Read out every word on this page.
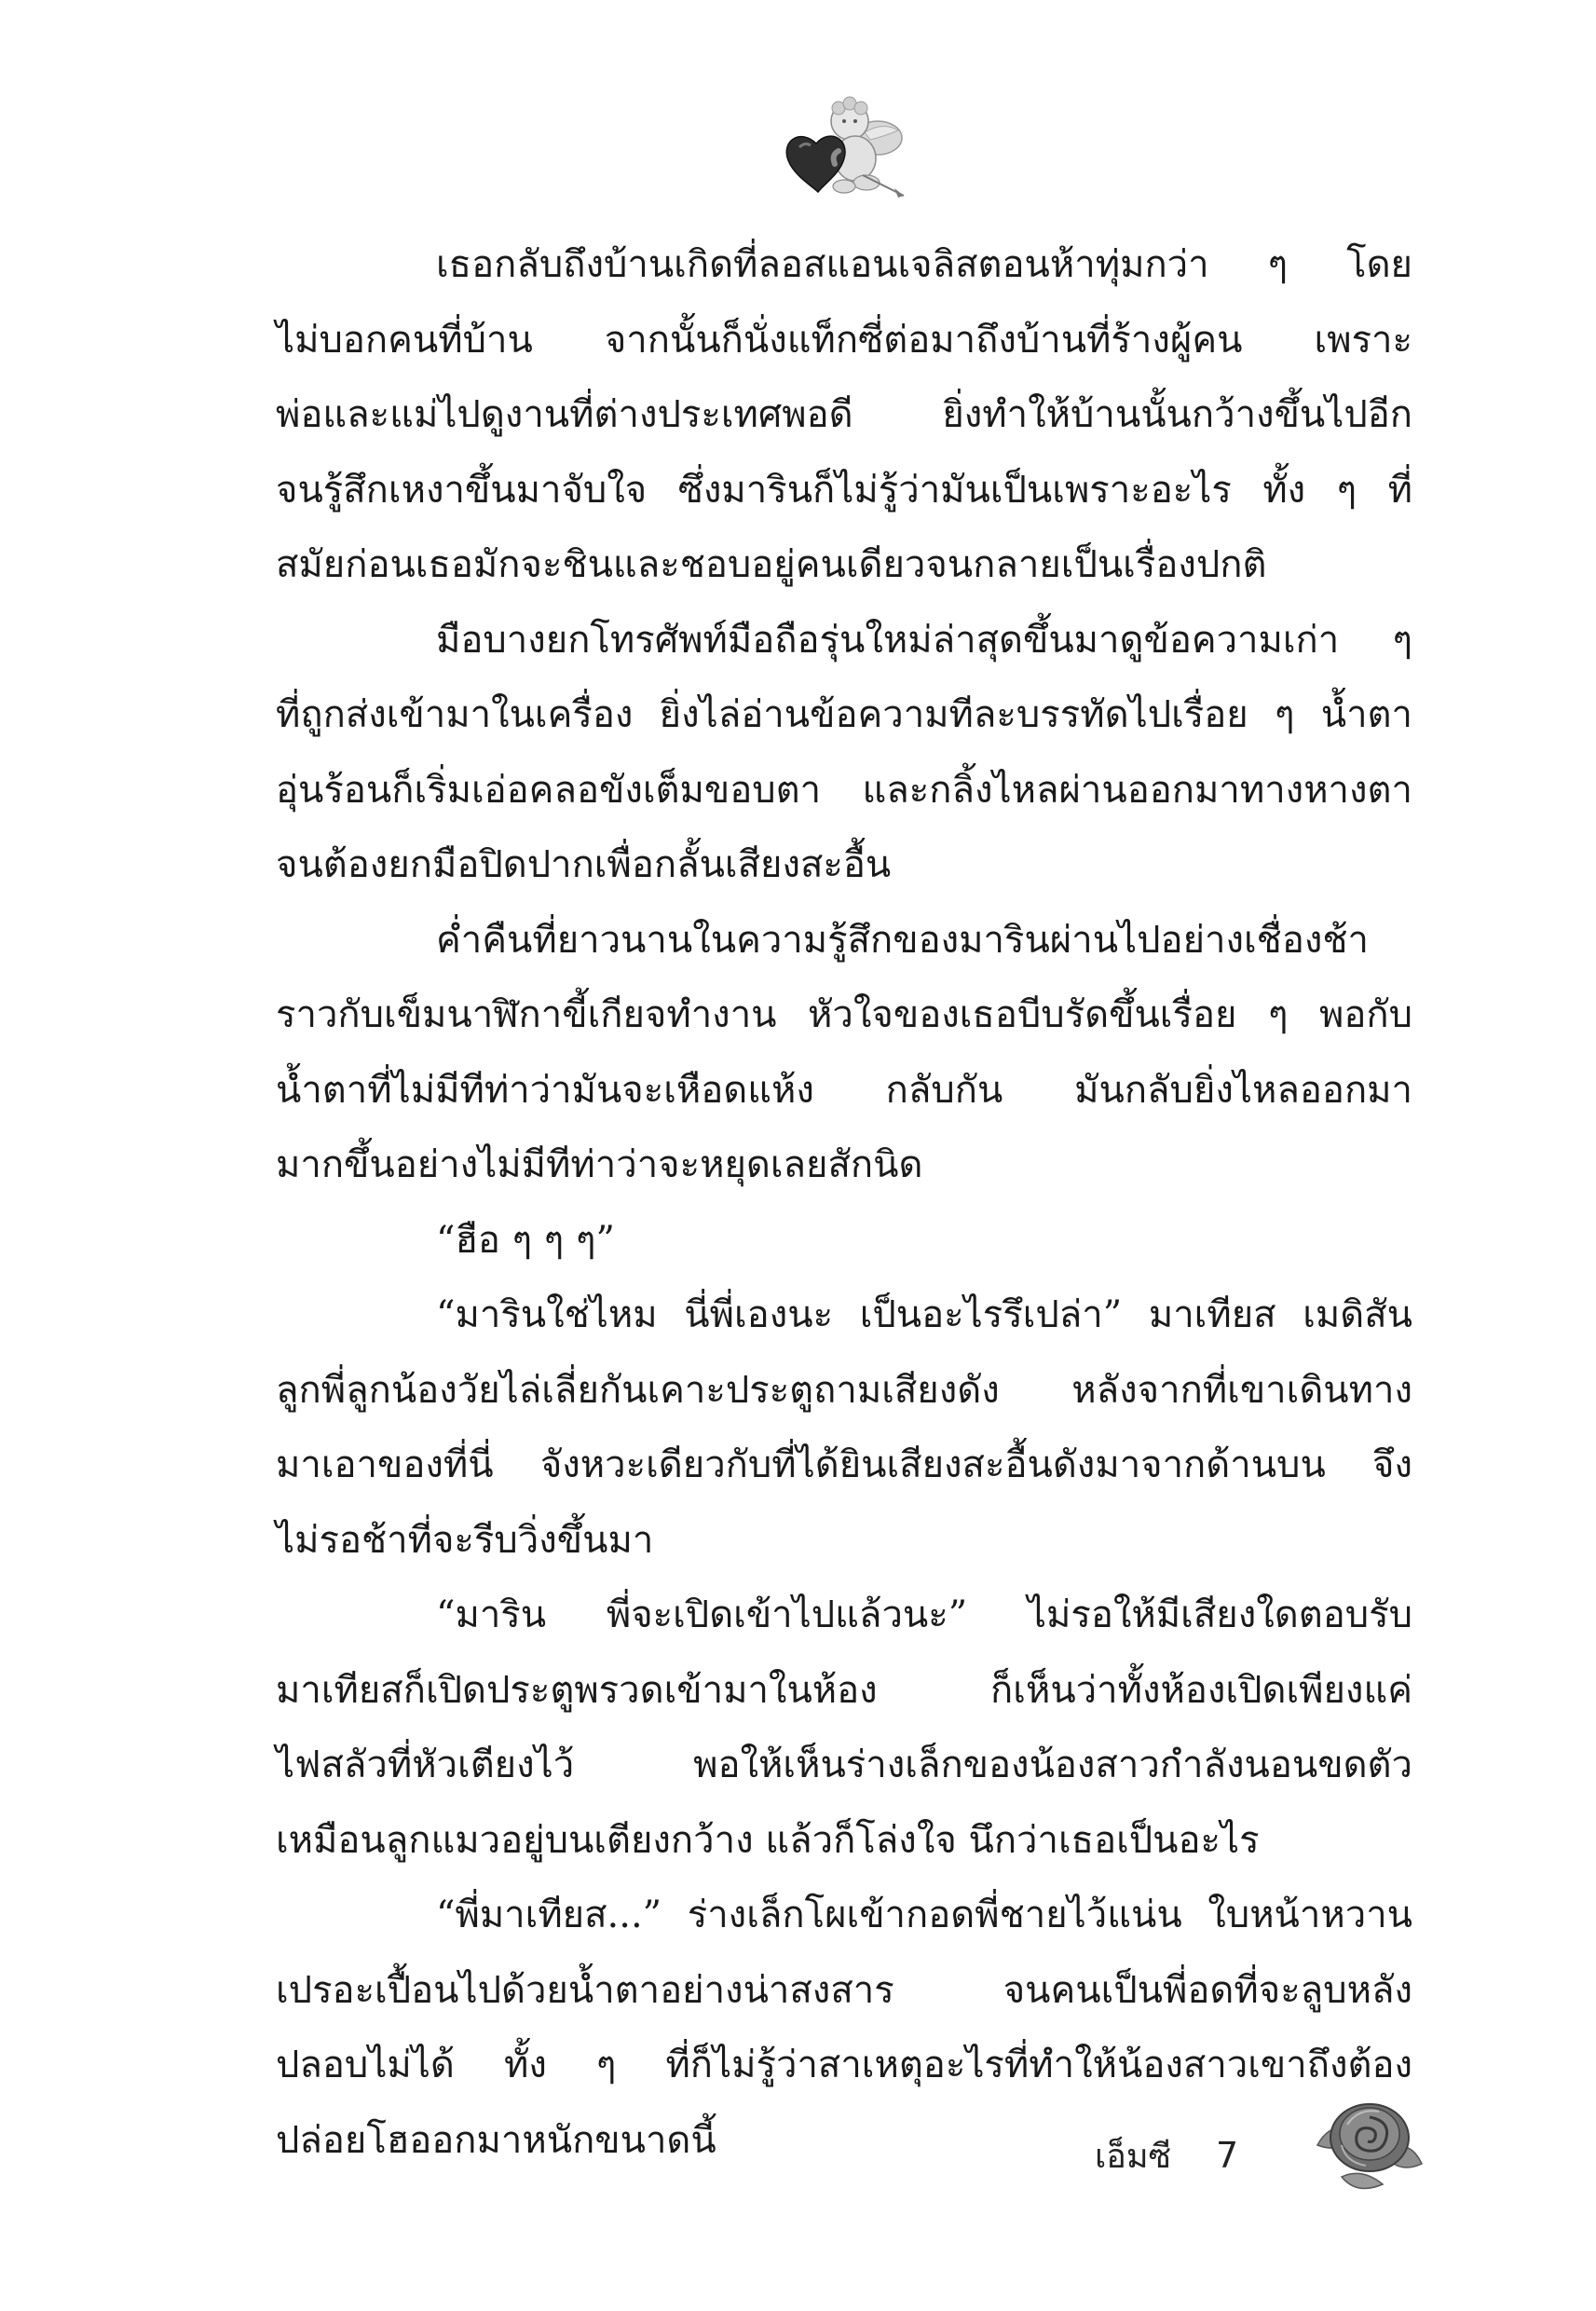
เธอกลับถึงบ้านเกิดที่ลอสแอนเจลิสตอนห้าทุ่มกว่า ๆ โดย
ไม่บอกคนที่บ้าน จากนั้นก็นั่งแท็กซี่ต่อมาถึงบ้านที่ร้างผู้คน เพราะ
พ่อและแม่ไปดูงานที่ต่างประเทศพอดี ยิ่งทำให้บ้านนั้นกว้างขึ้นไปอีก
จนรู้สึกเหงาขึ้นมาจับใจ ซึ่งมารินก็ไม่รู้ว่ามันเป็นเพราะอะไร ทั้ง ๆ ที่
สมัยก่อนเธอมักจะชินและชอบอยู่คนเดียวจนกลายเป็นเรื่องปกติ
มือบางยกโทรศัพท์มือถือรุ่นใหม่ล่าสุดขึ้นมาดูข้อความเก่า ๆ
ที่ถูกส่งเข้ามาในเครื่อง ยิ่งไล่อ่านข้อความทีละบรรทัดไปเรื่อย ๆ น้ำตา
อุ่นร้อนก็เริ่มเอ่อคลอขังเต็มขอบตา และกลิ้งไหลผ่านออกมาทางหางตา
จนต้องยกมือปิดปากเพื่อกลั้นเสียงสะอื้น
ค่ำคืนที่ยาวนานในความรู้สึกของมารินผ่านไปอย่างเชื่องช้า
ราวกับเข็มนาฬิกาขี้เกียจทำงาน หัวใจของเธอบีบรัดขึ้นเรื่อย ๆ พอกับ
น้ำตาที่ไม่มีทีท่าว่ามันจะเหือดแห้ง กลับกัน มันกลับยิ่งไหลออกมา
มากขึ้นอย่างไม่มีทีท่าว่าจะหยุดเลยสักนิด
“ฮือ ๆ ๆ ๆ”
“มารินใช่ไหม นี่พี่เองนะ เป็นอะไรรึเปล่า” มาเทียส เมดิสัน
ลูกพี่ลูกน้องวัยไล่เลี่ยกันเคาะประตูถามเสียงดัง หลังจากที่เขาเดินทาง
มาเอาของที่นี่ จังหวะเดียวกับที่ได้ยินเสียงสะอื้นดังมาจากด้านบน จึง
ไม่รอช้าที่จะรีบวิ่งขึ้นมา
“มาริน พี่จะเปิดเข้าไปแล้วนะ” ไม่รอให้มีเสียงใดตอบรับ
มาเทียสก็เปิดประตูพรวดเข้ามาในห้อง ก็เห็นว่าทั้งห้องเปิดเพียงแค่
ไฟสลัวที่หัวเตียงไว้ พอให้เห็นร่างเล็กของน้องสาวกำลังนอนขดตัว
เหมือนลูกแมวอยู่บนเตียงกว้าง แล้วก็โล่งใจ นึกว่าเธอเป็นอะไร
“พี่มาเทียส...” ร่างเล็กโผเข้ากอดพี่ชายไว้แน่น ใบหน้าหวาน
เปรอะเปื้อนไปด้วยน้ำตาอย่างน่าสงสาร จนคนเป็นพี่อดที่จะลูบหลัง
ปลอบไม่ได้ ทั้ง ๆ ที่ก็ไม่รู้ว่าสาเหตุอะไรที่ทำให้น้องสาวเขาถึงต้อง
ปล่อยโฮออกมาหนักขนาดนี้	เอ็มซี 7
